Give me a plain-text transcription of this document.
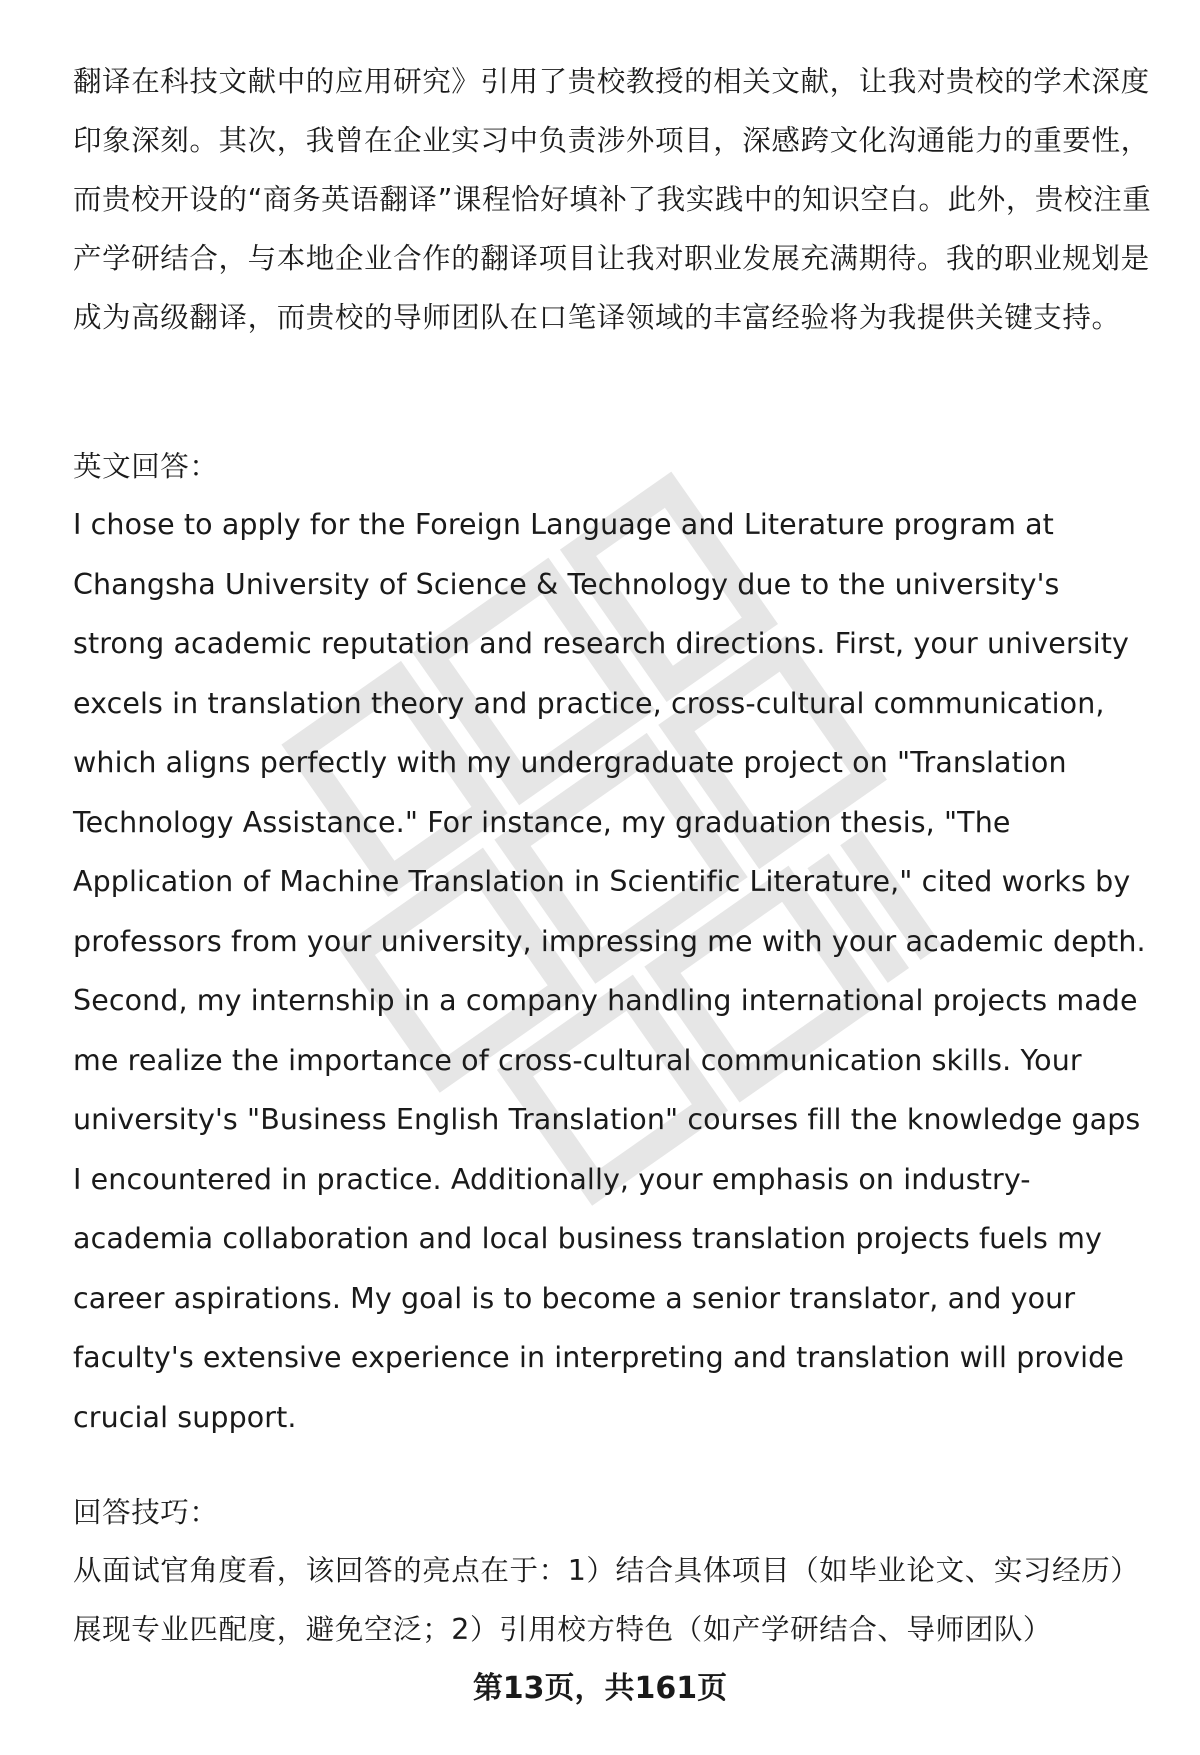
翻译在科技文献中的应用研究》引用了贵校教授的相关文献，让我对贵校的学术深度印象深刻。其次，我曾在企业实习中负责涉外项目，深感跨文化沟通能力的重要性，而贵校开设的“商务英语翻译”课程恰好填补了我实践中的知识空白。此外，贵校注重产学研结合，与本地企业合作的翻译项目让我对职业发展充满期待。我的职业规划是成为高级翻译，而贵校的导师团队在口笔译领域的丰富经验将为我提供关键支持。

英文回答：

I chose to apply for the Foreign Language and Literature program at Changsha University of Science & Technology due to the university's strong academic reputation and research directions. First, your university excels in translation theory and practice, cross-cultural communication, which aligns perfectly with my undergraduate project on "Translation Technology Assistance." For instance, my graduation thesis, "The Application of Machine Translation in Scientific Literature," cited works by professors from your university, impressing me with your academic depth. Second, my internship in a company handling international projects made me realize the importance of cross-cultural communication skills. Your university's "Business English Translation" courses fill the knowledge gaps I encountered in practice. Additionally, your emphasis on industry-academia collaboration and local business translation projects fuels my career aspirations. My goal is to become a senior translator, and your faculty's extensive experience in interpreting and translation will provide crucial support.

回答技巧：

从面试官角度看，该回答的亮点在于：1）结合具体项目（如毕业论文、实习经历）展现专业匹配度，避免空泛；2）引用校方特色（如产学研结合、导师团队）

第13页，共161页
